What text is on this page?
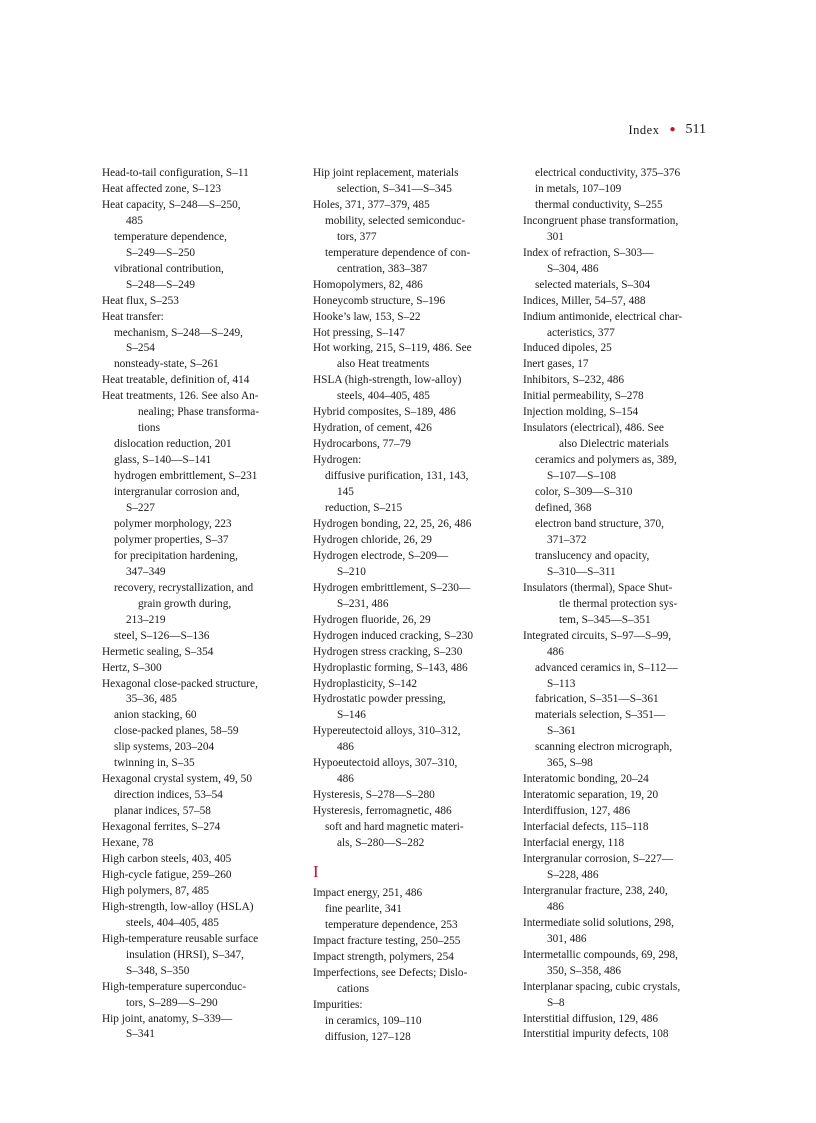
Index ● 511
Head-to-tail configuration, S–11
Heat affected zone, S–123
Heat capacity, S–248—S–250,
485
temperature dependence,
S–249—S–250
vibrational contribution,
S–248—S–249
Heat flux, S–253
Heat transfer:
mechanism, S–248—S–249,
S–254
nonsteady-state, S–261
Heat treatable, definition of, 414
Heat treatments, 126. See also An-
nealing; Phase transforma-
tions
dislocation reduction, 201
glass, S–140—S–141
hydrogen embrittlement, S–231
intergranular corrosion and,
S–227
polymer morphology, 223
polymer properties, S–37
for precipitation hardening,
347–349
recovery, recrystallization, and
grain growth during,
213–219
steel, S–126—S–136
Hermetic sealing, S–354
Hertz, S–300
Hexagonal close-packed structure,
35–36, 485
anion stacking, 60
close-packed planes, 58–59
slip systems, 203–204
twinning in, S–35
Hexagonal crystal system, 49, 50
direction indices, 53–54
planar indices, 57–58
Hexagonal ferrites, S–274
Hexane, 78
High carbon steels, 403, 405
High-cycle fatigue, 259–260
High polymers, 87, 485
High-strength, low-alloy (HSLA)
steels, 404–405, 485
High-temperature reusable surface
insulation (HRSI), S–347,
S–348, S–350
High-temperature superconduc-
tors, S–289—S–290
Hip joint, anatomy, S–339—
S–341
Hip joint replacement, materials
selection, S–341—S–345
Holes, 371, 377–379, 485
mobility, selected semiconduc-
tors, 377
temperature dependence of con-
centration, 383–387
Homopolymers, 82, 486
Honeycomb structure, S–196
Hooke’s law, 153, S–22
Hot pressing, S–147
Hot working, 215, S–119, 486. See
also Heat treatments
HSLA (high-strength, low-alloy)
steels, 404–405, 485
Hybrid composites, S–189, 486
Hydration, of cement, 426
Hydrocarbons, 77–79
Hydrogen:
diffusive purification, 131, 143,
145
reduction, S–215
Hydrogen bonding, 22, 25, 26, 486
Hydrogen chloride, 26, 29
Hydrogen electrode, S–209—
S–210
Hydrogen embrittlement, S–230—
S–231, 486
Hydrogen fluoride, 26, 29
Hydrogen induced cracking, S–230
Hydrogen stress cracking, S–230
Hydroplastic forming, S–143, 486
Hydroplasticity, S–142
Hydrostatic powder pressing,
S–146
Hypereutectoid alloys, 310–312,
486
Hypoeutectoid alloys, 307–310,
486
Hysteresis, S–278—S–280
Hysteresis, ferromagnetic, 486
soft and hard magnetic materi-
als, S–280—S–282
I
Impact energy, 251, 486
fine pearlite, 341
temperature dependence, 253
Impact fracture testing, 250–255
Impact strength, polymers, 254
Imperfections, see Defects; Dislo-
cations
Impurities:
in ceramics, 109–110
diffusion, 127–128
electrical conductivity, 375–376
in metals, 107–109
thermal conductivity, S–255
Incongruent phase transformation,
301
Index of refraction, S–303—
S–304, 486
selected materials, S–304
Indices, Miller, 54–57, 488
Indium antimonide, electrical char-
acteristics, 377
Induced dipoles, 25
Inert gases, 17
Inhibitors, S–232, 486
Initial permeability, S–278
Injection molding, S–154
Insulators (electrical), 486. See
also Dielectric materials
ceramics and polymers as, 389,
S–107—S–108
color, S–309—S–310
defined, 368
electron band structure, 370,
371–372
translucency and opacity,
S–310—S–311
Insulators (thermal), Space Shut-
tle thermal protection sys-
tem, S–345—S–351
Integrated circuits, S–97—S–99,
486
advanced ceramics in, S–112—
S–113
fabrication, S–351—S–361
materials selection, S–351—
S–361
scanning electron micrograph,
365, S–98
Interatomic bonding, 20–24
Interatomic separation, 19, 20
Interdiffusion, 127, 486
Interfacial defects, 115–118
Interfacial energy, 118
Intergranular corrosion, S–227—
S–228, 486
Intergranular fracture, 238, 240,
486
Intermediate solid solutions, 298,
301, 486
Intermetallic compounds, 69, 298,
350, S–358, 486
Interplanar spacing, cubic crystals,
S–8
Interstitial diffusion, 129, 486
Interstitial impurity defects, 108
